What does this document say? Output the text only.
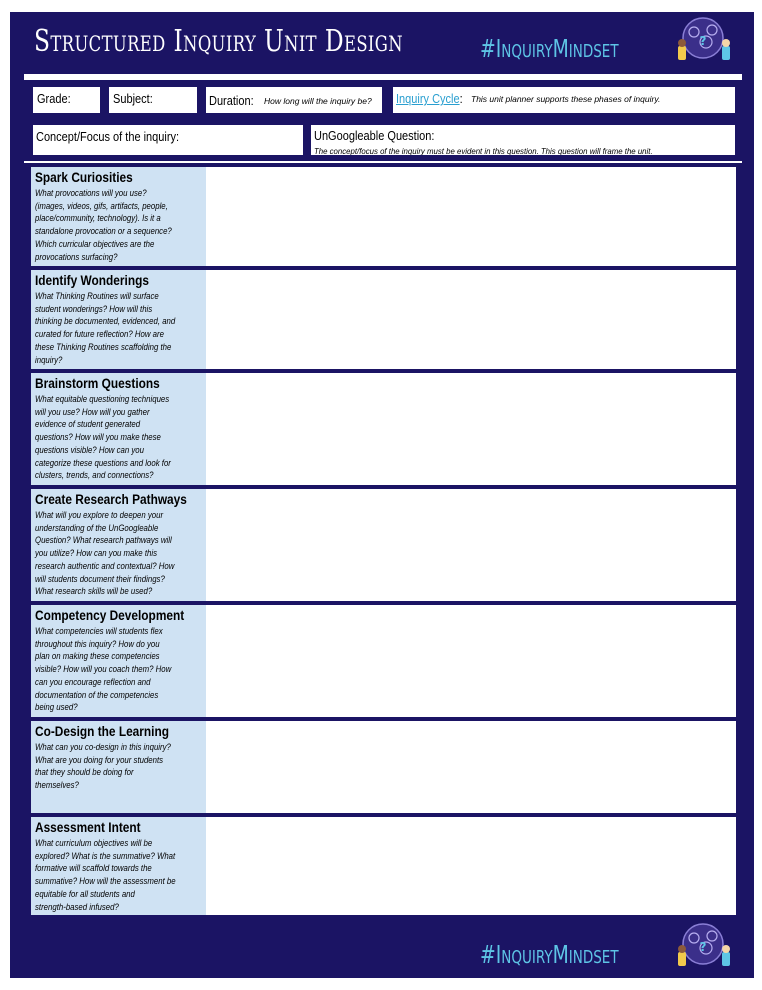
Structured Inquiry Unit Design	#InquiryMindset	?
#InquiryMindset	?
Grade:	Subject:	Duration: How long will the inquiry be?	Inquiry Cycle: This unit planner supports these phases of inquiry.
Concept/Focus of the inquiry:	UnGoogleable Question:
The concept/focus of the inquiry must be evident in this question. This question will frame the unit.
Spark Curiosities
What provocations will you use?
(images, videos, gifs, artifacts, people,
place/community, technology). Is it a
standalone provocation or a sequence?
Which curricular objectives are the
provocations surfacing?
Identify Wonderings
What Thinking Routines will surface
student wonderings? How will this
thinking be documented, evidenced, and
curated for future reflection? How are
these Thinking Routines scaffolding the
inquiry?
Brainstorm Questions
What equitable questioning techniques
will you use? How will you gather
evidence of student generated
questions? How will you make these
questions visible? How can you
categorize these questions and look for
clusters, trends, and connections?
Create Research Pathways
What will you explore to deepen your
understanding of the UnGoogleable
Question? What research pathways will
you utilize? How can you make this
research authentic and contextual? How
will students document their findings?
What research skills will be used?
Competency Development
What competencies will students flex
throughout this inquiry? How do you
plan on making these competencies
visible? How will you coach them? How
can you encourage reflection and
documentation of the competencies
being used?
Co-Design the Learning
What can you co-design in this inquiry?
What are you doing for your students
that they should be doing for
themselves?
Assessment Intent
What curriculum objectives will be
explored? What is the summative? What
formative will scaffold towards the
summative? How will the assessment be
equitable for all students and
strength-based infused?
